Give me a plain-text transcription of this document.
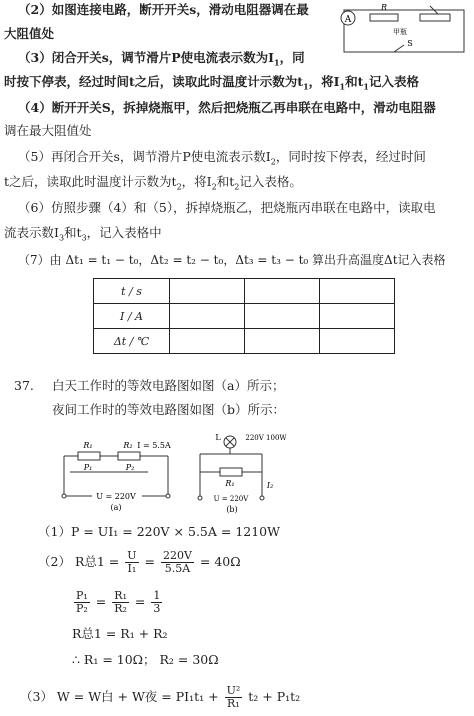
（2）如图连接电路，断开开关s，滑动电阻器调在最
大阻值处
A
R
甲瓶
S
（3）闭合开关s，调节滑片P使电流表示数为$I_1$，同
时按下停表，经过时间t之后，读取此时温度计示数为$t_1$，将$I_1$和$t_1$记入表格
（4）断开开关S，拆掉烧瓶甲，然后把烧瓶乙再串联在电路中，滑动电阻器
调在最大阻值处
（5）再闭合开关s，调节滑片P使电流表示数$I_2$，同时按下停表，经过时间
t之后，读取此时温度计示数为$t_2$，将$I_2$和$t_2$记入表格。
（6）仿照步骤（4）和（5），拆掉烧瓶乙，把烧瓶丙串联在电路中，读取电
流表示数$I_3$和$t_3$，记入表格中
（7）由 Δt₁ = t₁ − t₀，Δt₂ = t₂ − t₀，Δt₃ = t₃ − t₀ 算出升高温度Δt记入表格
t / s			
I / A			
Δt / ℃			
37. 白天工作时的等效电路图如图（a）所示；
夜间工作时的等效电路图如图（b）所示：
R₁	R₂ I = 5.5A
P₁	P₂
U = 220V
(a)
L	220V 100W
R₁	I₂
U = 220V
(b)
（1）P = UI₁ = 220V × 5.5A = 1210W
（2） R总$1 = \frac{U}{\text{I₁}} = \frac{220V}{5.5A} = 40\Omega$
$\frac{\text{P₁}}{\text{P₂}} = \frac{\text{R₁}}{\text{R₂}} = \frac{1}{3}$
R总1 = R₁ + R₂
∴ R₁ = 10Ω； R₂ = 30Ω
（3） W = W白 + W夜 = $PI_1t_1 + \frac{\text{U²}}{\text{R₁}} t_2 + P_1t_2$
